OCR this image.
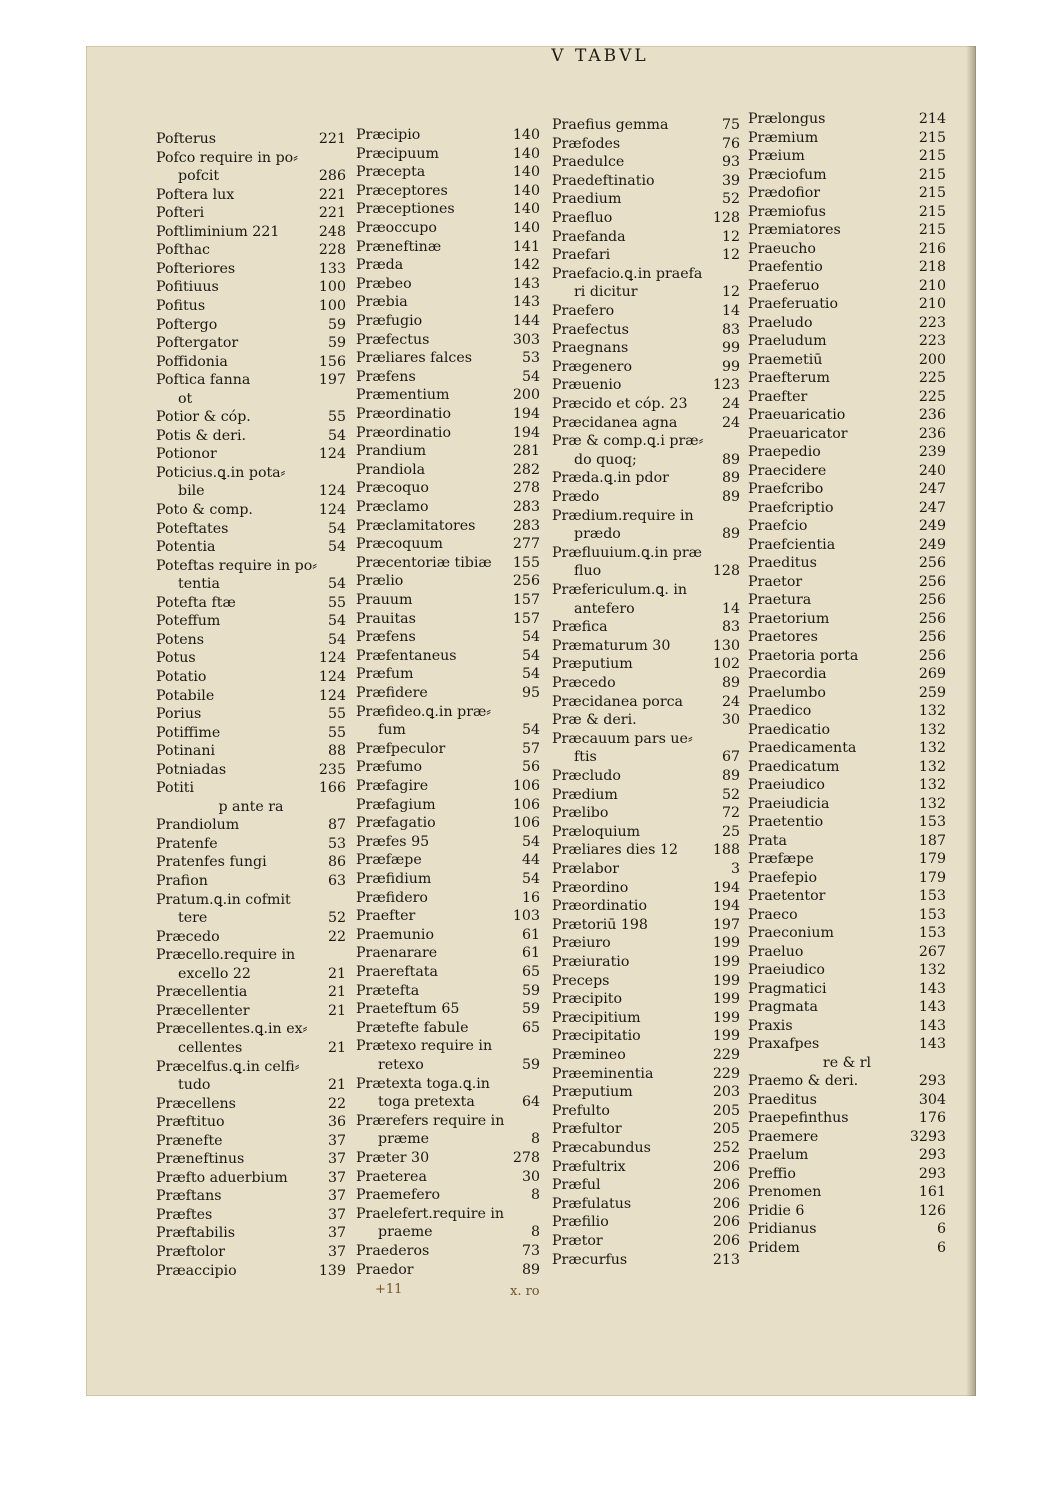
V TABVL
Pofterus	221
Pofco require in po⸗
pofcit	286
Poftera lux	221
Pofteri	221
Poftliminium 221	248
Pofthac	228
Pofteriores	133
Pofitiuus	100
Pofitus	100
Poftergo	59
Poftergator	59
Poffidonia	156
Poftica fanna	197
ot
Potior & cóp.	55
Potis & deri.	54
Potionor	124
Poticius.ꝗ.in pota⸗
bile	124
Poto & comp.	124
Poteftates	54
Potentia	54
Poteftas require in po⸗
tentia	54
Potefta ftæ	55
Poteffum	54
Potens	54
Potus	124
Potatio	124
Potabile	124
Porius	55
Potiffime	55
Potinani	88
Potniadas	235
Potiti	166
p ante ra
Prandiolum	87
Pratenfe	53
Pratenfes fungi	86
Prafion	63
Pratum.ꝗ.in cofmit
tere	52
Præcedo	22
Præcello.require in
excello 22	21
Præcellentia	21
Præcellenter	21
Præcellentes.ꝗ.in ex⸗
cellentes	21
Præcelfus.ꝗ.in celfi⸗
tudo	21
Præcellens	22
Præftituo	36
Prænefte	37
Præneftinus	37
Præfto aduerbium	37
Præftans	37
Præftes	37
Præftabilis	37
Præftolor	37
Præaccipio	139
Præcipio	140
Præcipuum	140
Præcepta	140
Præceptores	140
Præceptiones	140
Præoccupo	140
Præneftinæ	141
Præda	142
Præbeo	143
Præbia	143
Præfugio	144
Præfectus	303
Præliares falces	53
Præfens	54
Præmentium	200
Præordinatio	194
Præordinatio	194
Prandium	281
Prandiola	282
Præcoquo	278
Præclamo	283
Præclamitatores	283
Præcoquum	277
Præcentoriæ tibiæ 155
Prælio	256
Prauum	157
Prauitas	157
Præfens	54
Præfentaneus	54
Præfum	54
Præfidere	95
Præfideo.ꝗ.in præ⸗
fum	54
Præfpeculor	57
Præfumo	56
Præfagire	106
Præfagium	106
Præfagatio	106
Præfes 95	54
Præfæpe	44
Præfidium	54
Præfidero	16
Praefter	103
Praemunio	61
Praenarare	61
Praereftata	65
Prætefta	59
Praeteftum 65	59
Prætefte fabule	65
Prætexo require in
retexo	59
Prætexta toga.ꝗ.in
toga pretexta	64
Prærefers require in
præme	8
Præter 30	278
Praeterea	30
Praemefero	8
Praelefert.require in
praeme	8
Praederos	73
Praedor	89
Praefius gemma	75
Præfodes	76
Praedulce	93
Praedeftinatio	39
Praedium	52
Praefluo	128
Praefanda	12
Praefari	12
Praefacio.ꝗ.in praefa
ri dicitur	12
Praefero	14
Praefectus	83
Praegnans	99
Prægenero	99
Præuenio	123
Præcido et cóp. 23 24
Præcidanea agna	24
Præ & comp.ꝗ.i præ⸗
do quoq;	89
Præda.ꝗ.in pdor	89
Prædo	89
Prædium.require in
prædo	89
Præfluuium.ꝗ.in præ
fluo	128
Præfericulum.ꝗ. in
antefero	14
Præfica	83
Præmaturum 30	130
Præputium	102
Præcedo	89
Præcidanea porca	24
Præ & deri.	30
Præcauum pars ue⸗
ftis	67
Præcludo	89
Prædium	52
Prælibo	72
Præloquium	25
Præliares dies 12 188
Prælabor	3
Præordino	194
Præordinatio	194
Prætoriū 198	197
Præiuro	199
Præiuratio	199
Preceps	199
Præcipito	199
Præcipitium	199
Præcipitatio	199
Præmineo	229
Præeminentia	229
Præputium	203
Prefulto	205
Præfultor	205
Præcabundus	252
Præfultrix	206
Præful	206
Præfulatus	206
Præfilio	206
Prætor	206
Præcurfus	213
Prælongus	214
Præmium	215
Præium	215
Præciofum	215
Prædofior	215
Præmiofus	215
Præmiatores	215
Praeucho	216
Praefentio	218
Praeferuo	210
Praeferuatio	210
Praeludo	223
Praeludum	223
Praemetiū	200
Praefterum	225
Praefter	225
Praeuaricatio	236
Praeuaricator	236
Praepedio	239
Praecidere	240
Praefcribo	247
Praefcriptio	247
Praefcio	249
Praefcientia	249
Praeditus	256
Praetor	256
Praetura	256
Praetorium	256
Praetores	256
Praetoria porta	256
Praecordia	269
Praelumbo	259
Praedico	132
Praedicatio	132
Praedicamenta	132
Praedicatum	132
Praeiudico	132
Praeiudicia	132
Praetentio	153
Prata	187
Præfæpe	179
Praefepio	179
Praetentor	153
Praeco	153
Praeconium	153
Praeluo	267
Praeiudico	132
Pragmatici	143
Pragmata	143
Praxis	143
Praxafpes	143
re & rl
Praemo & deri.	293
Praeditus	304
Praepefinthus	176
Praemere	3293
Praelum	293
Preffio	293
Prenomen	161
Pridie 6	126
Pridianus	6
Pridem	6
+11	x. ro
